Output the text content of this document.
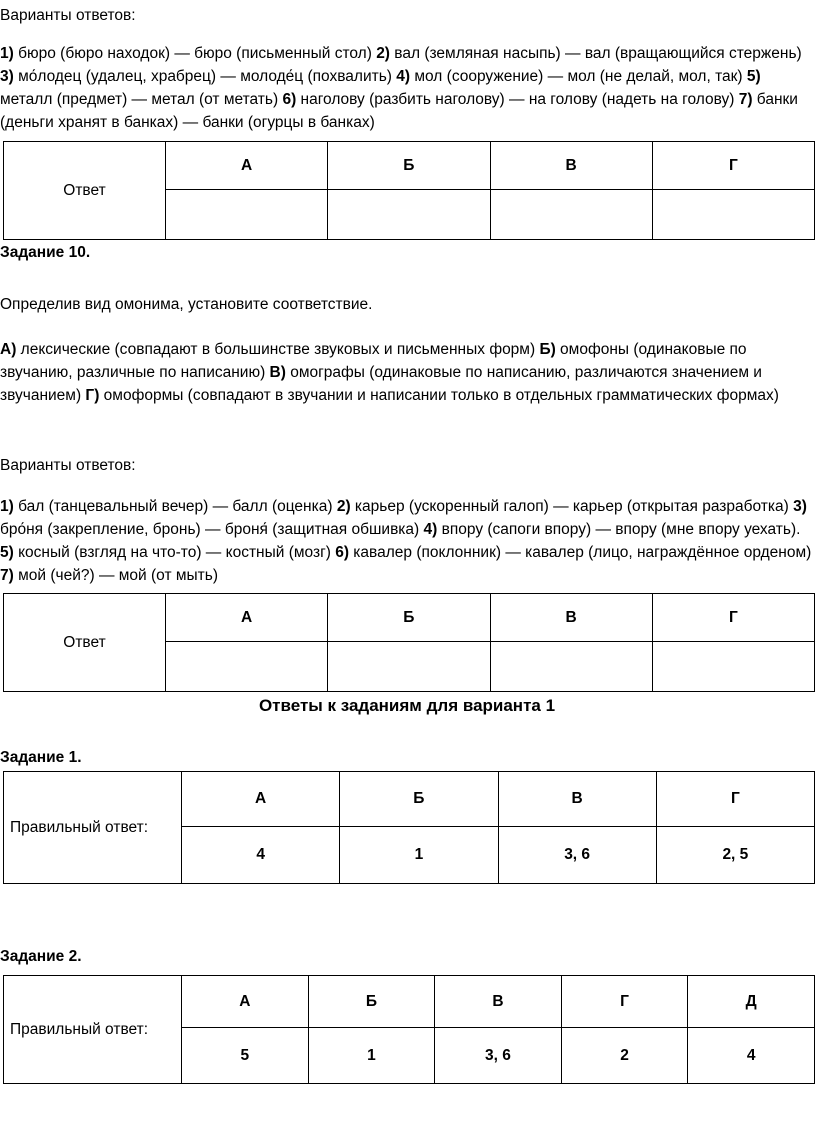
Варианты ответов:

1) бюро (бюро находок) — бюро (письменный стол) 2) вал (земляная насыпь) — вал (вращающийся стержень) 3) мо́лодец (удалец, храбрец) — молоде́ц (похвалить) 4) мол (сооружение) — мол (не делай, мол, так) 5) металл (предмет) — метал (от метать) 6) наголову (разбить наголову) — на голову (надеть на голову) 7) банки (деньги хранят в банках) — банки (огурцы в банках)

Ответ	А	Б	В	Г

Задание 10.

Определив вид омонима, установите соответствие.

А) лексические (совпадают в большинстве звуковых и письменных форм) Б) омофоны (одинаковые по звучанию, различные по написанию) В) омографы (одинаковые по написанию, различаются значением и звучанием) Г) омоформы (совпадают в звучании и написании только в отдельных грамматических формах)

Варианты ответов:

1) бал (танцевальный вечер) — балл (оценка) 2) карьер (ускоренный галоп) — карьер (открытая разработка) 3) бро́ня (закрепление, бронь) — броня́ (защитная обшивка) 4) впору (сапоги впору) — впору (мне впору уехать). 5) косный (взгляд на что-то) — костный (мозг) 6) кавалер (поклонник) — кавалер (лицо, награждённое орденом) 7) мой (чей?) — мой (от мыть)

Ответ	А	Б	В	Г

Ответы к заданиям для варианта 1

Задание 1.

Правильный ответ:	А	Б	В	Г
	4	1	3, 6	2, 5

Задание 2.

Правильный ответ:	А	Б	В	Г	Д
	5	1	3, 6	2	4
